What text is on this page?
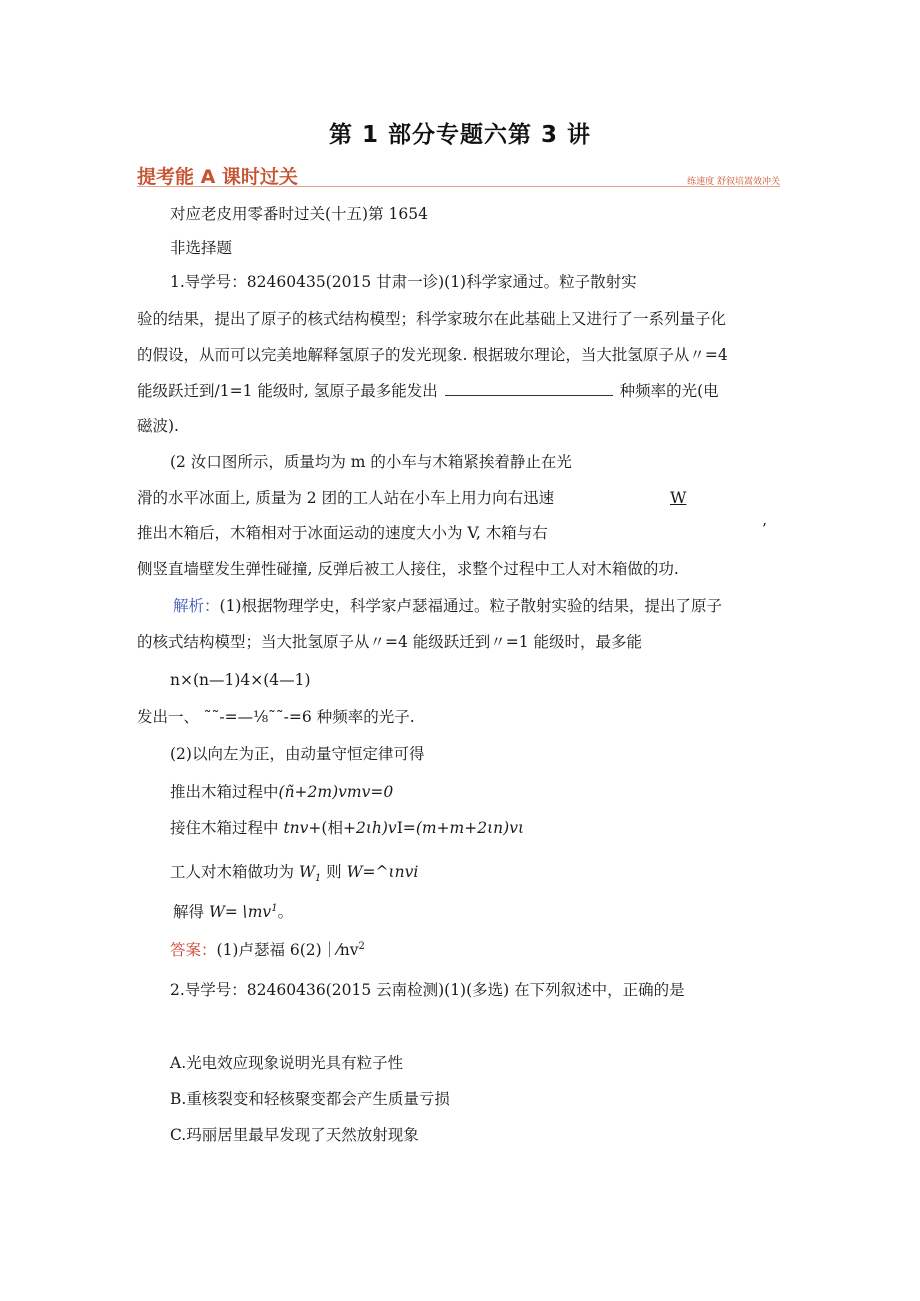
第 1 部分专题六第 3 讲
提考能 A 课时过关	练速度 舒叙培嵩效冲关
对应老皮用零番时过关(十五)第 1654
非选择题
1.导学号：82460435(2015 甘肃一诊)(1)科学家通过。粒子散射实
验的结果，提出了原子的核式结构模型；科学家玻尔在此基础上又进行了一系列量子化
的假设，从而可以完美地解释氢原子的发光现象. 根据玻尔理论，当大批氢原子从〃=4
能级跃迁到/1=1 能级时, 氢原子最多能发出	种频率的光(电
磁波).
(2 汝口图所示，质量均为 m 的小车与木箱紧挨着静止在光
滑的水平冰面上, 质量为 2 团的工人站在小车上用力向右迅速	W
推出木箱后，木箱相对于冰面运动的速度大小为 V, 木箱与右	’
侧竖直墙壁发生弹性碰撞, 反弹后被工人接住，求整个过程中工人对木箱做的功.
解析：(1)根据物理学史，科学家卢瑟福通过。粒子散射实验的结果，提出了原子
的核式结构模型；当大批氢原子从〃=4 能级跃迁到〃=1 能级时，最多能
n×(n—1)4×(4—1)
发出一、 ˜˜-=—⅛˜˜-=6 种频率的光子.
(2)以向左为正，由动量守恒定律可得
推出木箱过程中(ñ+2m)vmv=0
接住木箱过程中 tnv+(相+2ιh)vI=(m+m+2ιn)vι
工人对木箱做功为 $W_1$ 则 W=^ιnvi
解得 $W=∖mv^1$。
答案：(1)卢瑟福 $6(2)|⁄nv^2$
2.导学号：82460436(2015 云南检测)(1)(多选) 在下列叙述中，正确的是
A.光电效应现象说明光具有粒子性
B.重核裂变和轻核聚变都会产生质量亏损
C.玛丽居里最早发现了天然放射现象
